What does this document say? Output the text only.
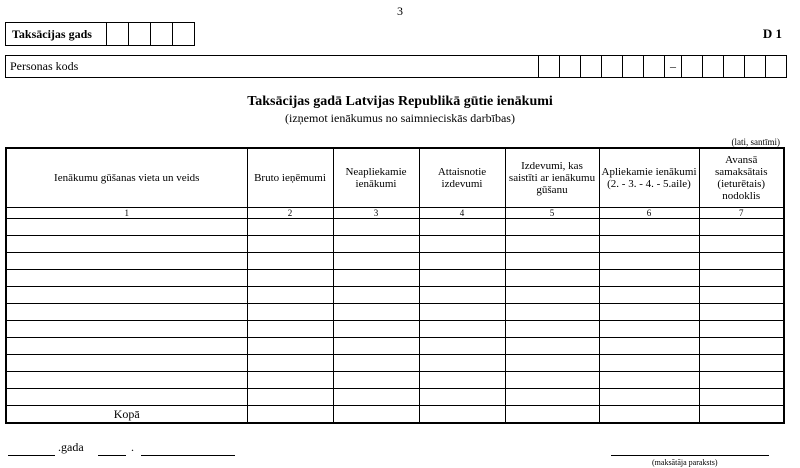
3
Taksācijas gads	D 1
Personas kods	–
Taksācijas gadā Latvijas Republikā gūtie ienākumi
(izņemot ienākumus no saimnieciskās darbības)
(lati, santīmi)
Ienākumu gūšanas vieta un veids	Bruto ieņēmumi	Neapliekamie ienākumi	Attaisnotie izdevumi	Izdevumi, kas saistīti ar ienākumu gūšanu	Apliekamie ienākumi (2. - 3. - 4. - 5.aile)	Avansā samaksātais (ieturētais) nodoklis
1	2	3	4	5	6	7

Kopā						
.gada	.
(maksātāja paraksts)
